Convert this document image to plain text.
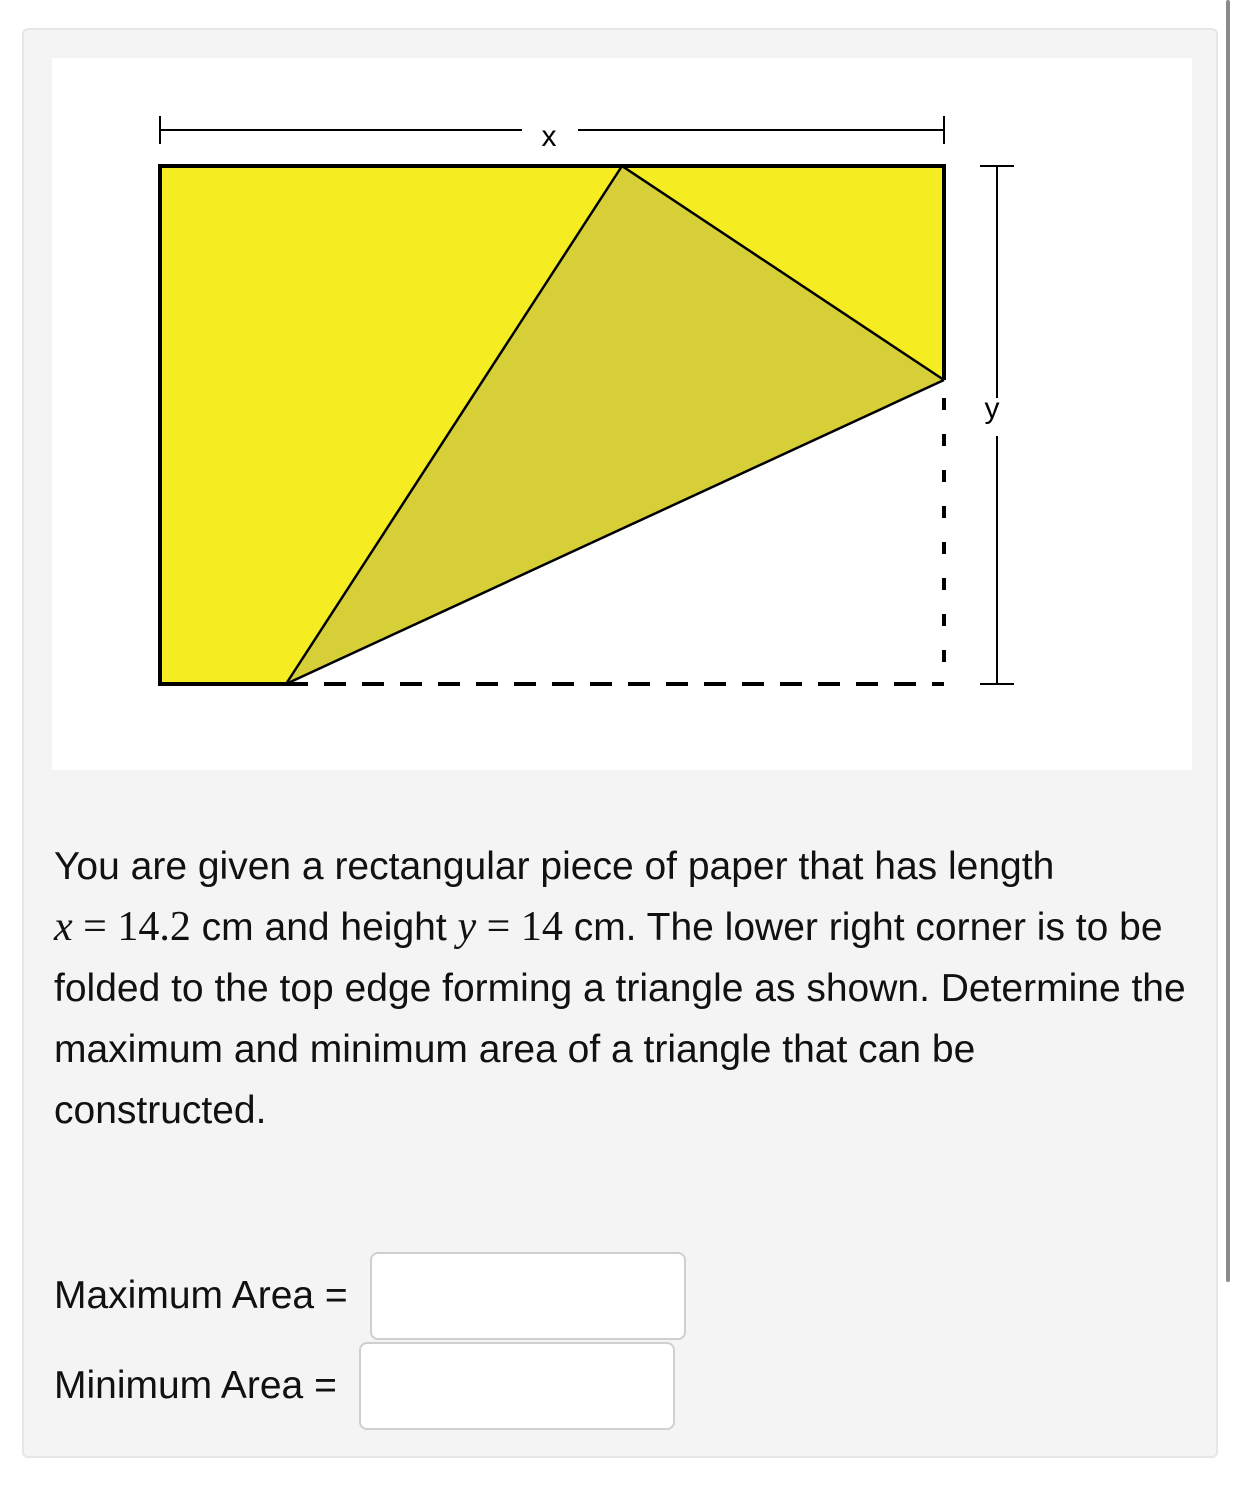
x
y
You are given a rectangular piece of paper that has length
x = 14.2 cm and height y = 14 cm. The lower right corner is to be folded to the top edge forming a triangle as shown. Determine the maximum and minimum area of a triangle that can be constructed.
Maximum Area =
Minimum Area =
